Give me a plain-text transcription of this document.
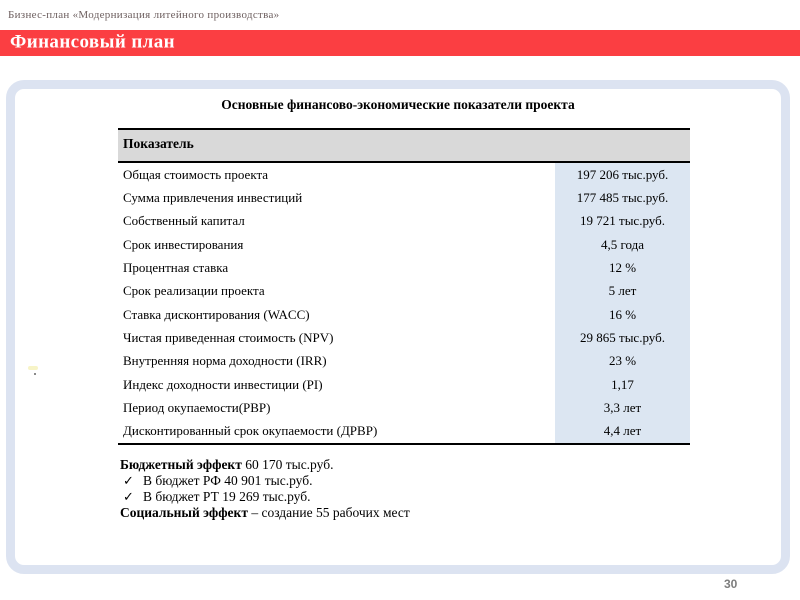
Бизнес-план «Модернизация литейного производства»
Финансовый план
Основные финансово-экономические показатели проекта
Показатель
Общая стоимость проекта	197 206 тыс.руб.
Сумма привлечения инвестиций	177 485 тыс.руб.
Собственный капитал	19 721 тыс.руб.
Срок инвестирования	4,5 года
Процентная ставка	12 %
Срок реализации проекта	5 лет
Ставка дисконтирования (WACC)	16 %
Чистая приведенная стоимость (NPV)	29 865 тыс.руб.
Внутренняя норма доходности (IRR)	23 %
Индекс доходности инвестиции (PI)	1,17
Период окупаемости(PBP)	3,3 лет
Дисконтированный срок окупаемости (ДРВР)	4,4 лет
Бюджетный эффект 60 170 тыс.руб.
✓ В бюджет РФ 40 901 тыс.руб.
✓ В бюджет РТ 19 269 тыс.руб.
Социальный эффект – создание 55 рабочих мест
30
